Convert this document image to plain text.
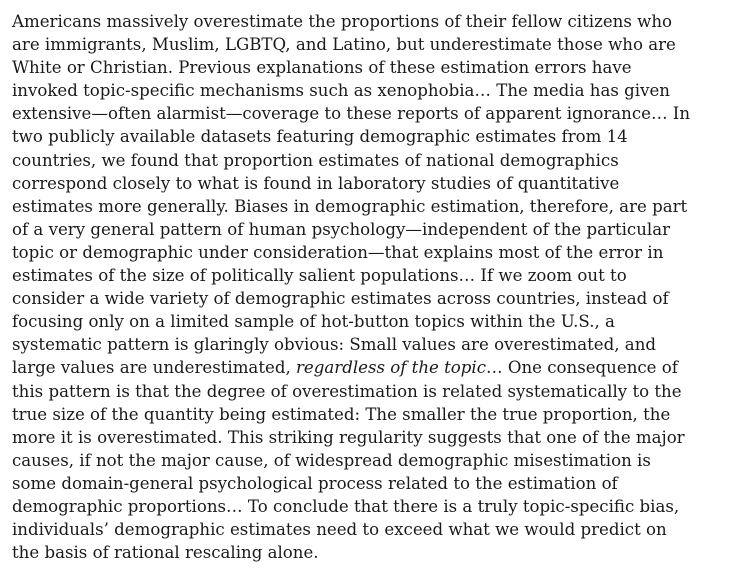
Americans massively overestimate the proportions of their fellow citizens who
are immigrants, Muslim, LGBTQ, and Latino, but underestimate those who are
White or Christian. Previous explanations of these estimation errors have
invoked topic-specific mechanisms such as xenophobia… The media has given
extensive—often alarmist—coverage to these reports of apparent ignorance… In
two publicly available datasets featuring demographic estimates from 14
countries, we found that proportion estimates of national demographics
correspond closely to what is found in laboratory studies of quantitative
estimates more generally. Biases in demographic estimation, therefore, are part
of a very general pattern of human psychology—independent of the particular
topic or demographic under consideration—that explains most of the error in
estimates of the size of politically salient populations… If we zoom out to
consider a wide variety of demographic estimates across countries, instead of
focusing only on a limited sample of hot-button topics within the U.S., a
systematic pattern is glaringly obvious: Small values are overestimated, and
large values are underestimated, regardless of the topic… One consequence of
this pattern is that the degree of overestimation is related systematically to the
true size of the quantity being estimated: The smaller the true proportion, the
more it is overestimated. This striking regularity suggests that one of the major
causes, if not the major cause, of widespread demographic misestimation is
some domain-general psychological process related to the estimation of
demographic proportions… To conclude that there is a truly topic-specific bias,
individuals’ demographic estimates need to exceed what we would predict on
the basis of rational rescaling alone.
